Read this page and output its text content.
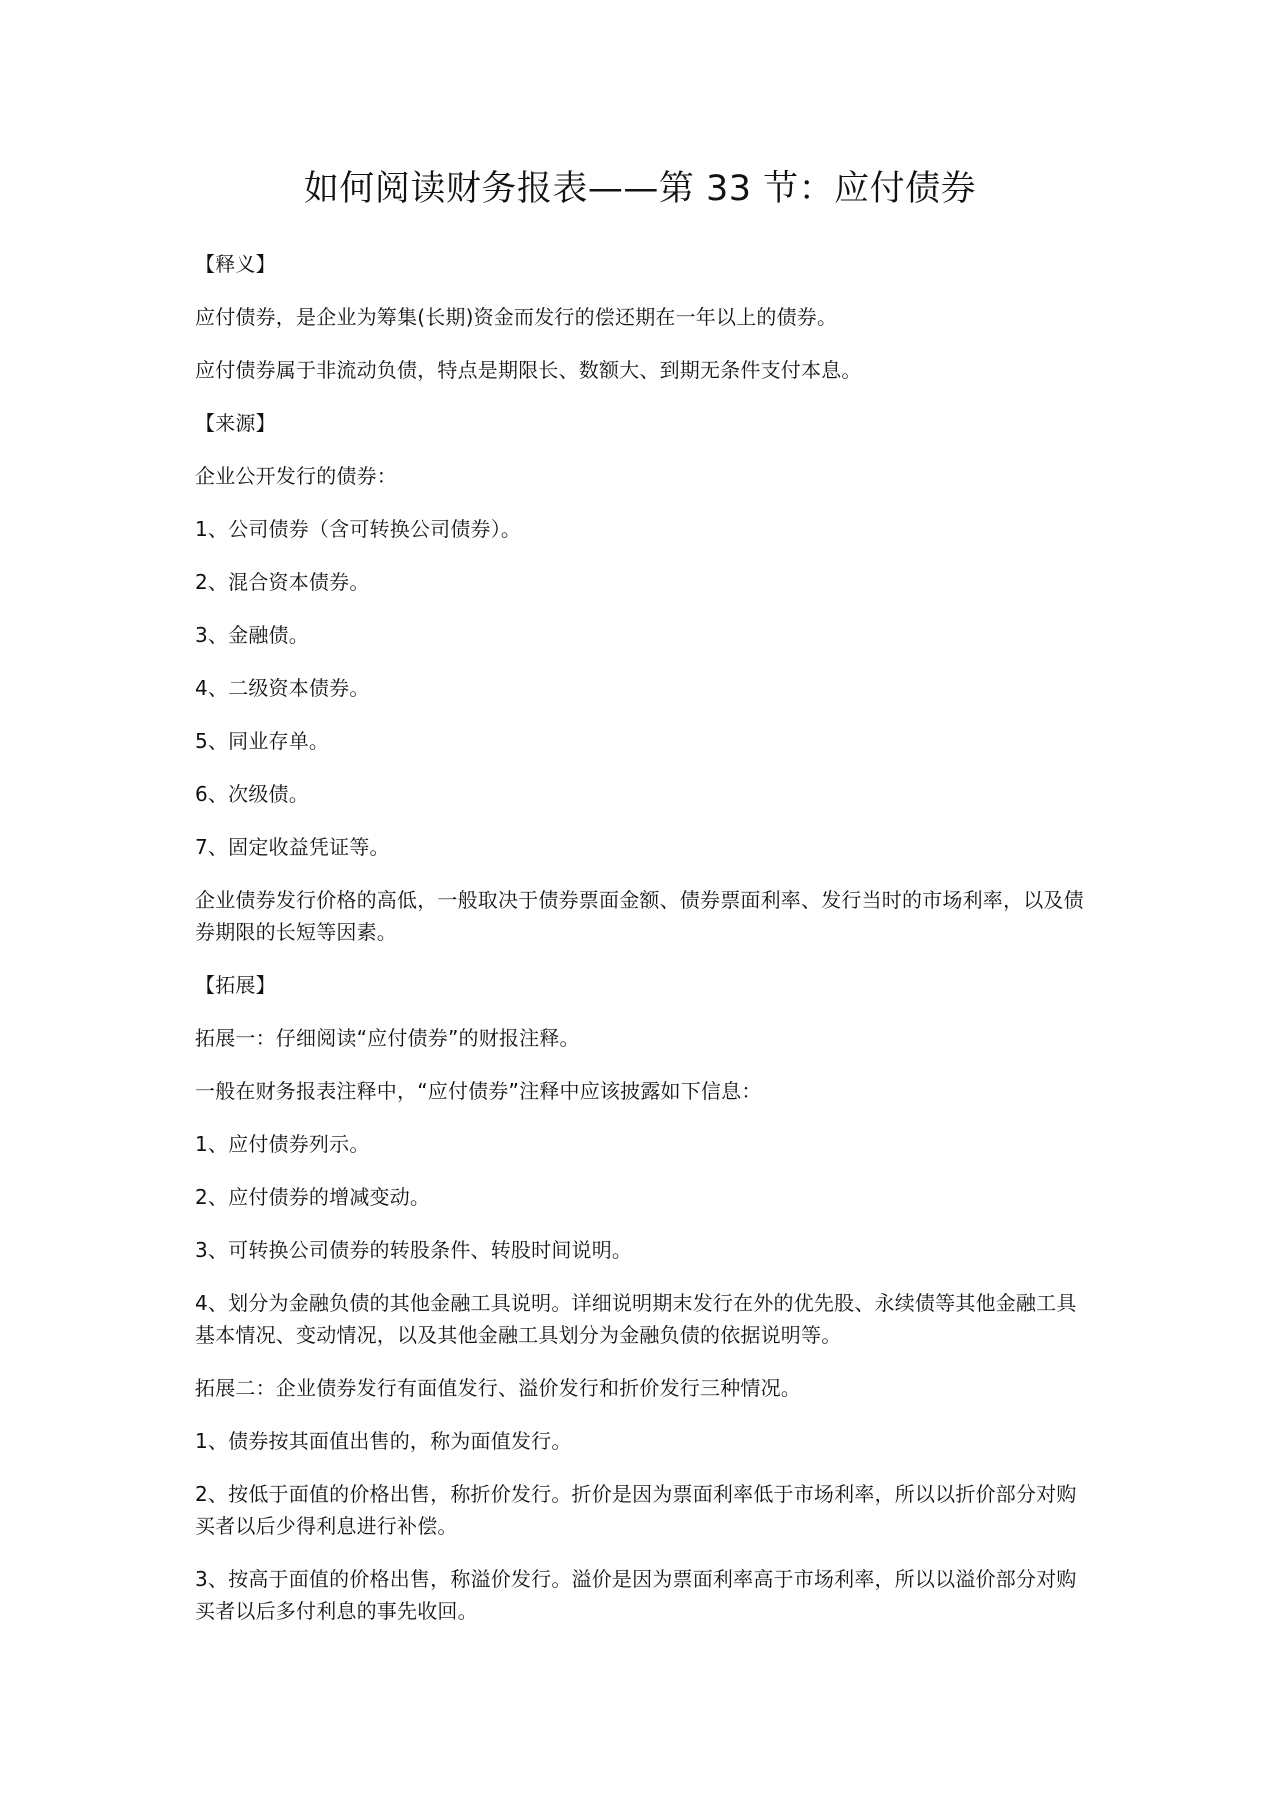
如何阅读财务报表——第 33 节：应付债券

【释义】

应付债券，是企业为筹集(长期)资金而发行的偿还期在一年以上的债券。

应付债券属于非流动负债，特点是期限长、数额大、到期无条件支付本息。

【来源】

企业公开发行的债券：

1、公司债券（含可转换公司债券）。

2、混合资本债券。

3、金融债。

4、二级资本债券。

5、同业存单。

6、次级债。

7、固定收益凭证等。

企业债券发行价格的高低，一般取决于债券票面金额、债券票面利率、发行当时的市场利率，以及债券期限的长短等因素。

【拓展】

拓展一：仔细阅读“应付债券”的财报注释。

一般在财务报表注释中，“应付债券”注释中应该披露如下信息：

1、应付债券列示。

2、应付债券的增减变动。

3、可转换公司债券的转股条件、转股时间说明。

4、划分为金融负债的其他金融工具说明。详细说明期末发行在外的优先股、永续债等其他金融工具基本情况、变动情况，以及其他金融工具划分为金融负债的依据说明等。

拓展二：企业债券发行有面值发行、溢价发行和折价发行三种情况。

1、债券按其面值出售的，称为面值发行。

2、按低于面值的价格出售，称折价发行。折价是因为票面利率低于市场利率，所以以折价部分对购买者以后少得利息进行补偿。

3、按高于面值的价格出售，称溢价发行。溢价是因为票面利率高于市场利率，所以以溢价部分对购买者以后多付利息的事先收回。
